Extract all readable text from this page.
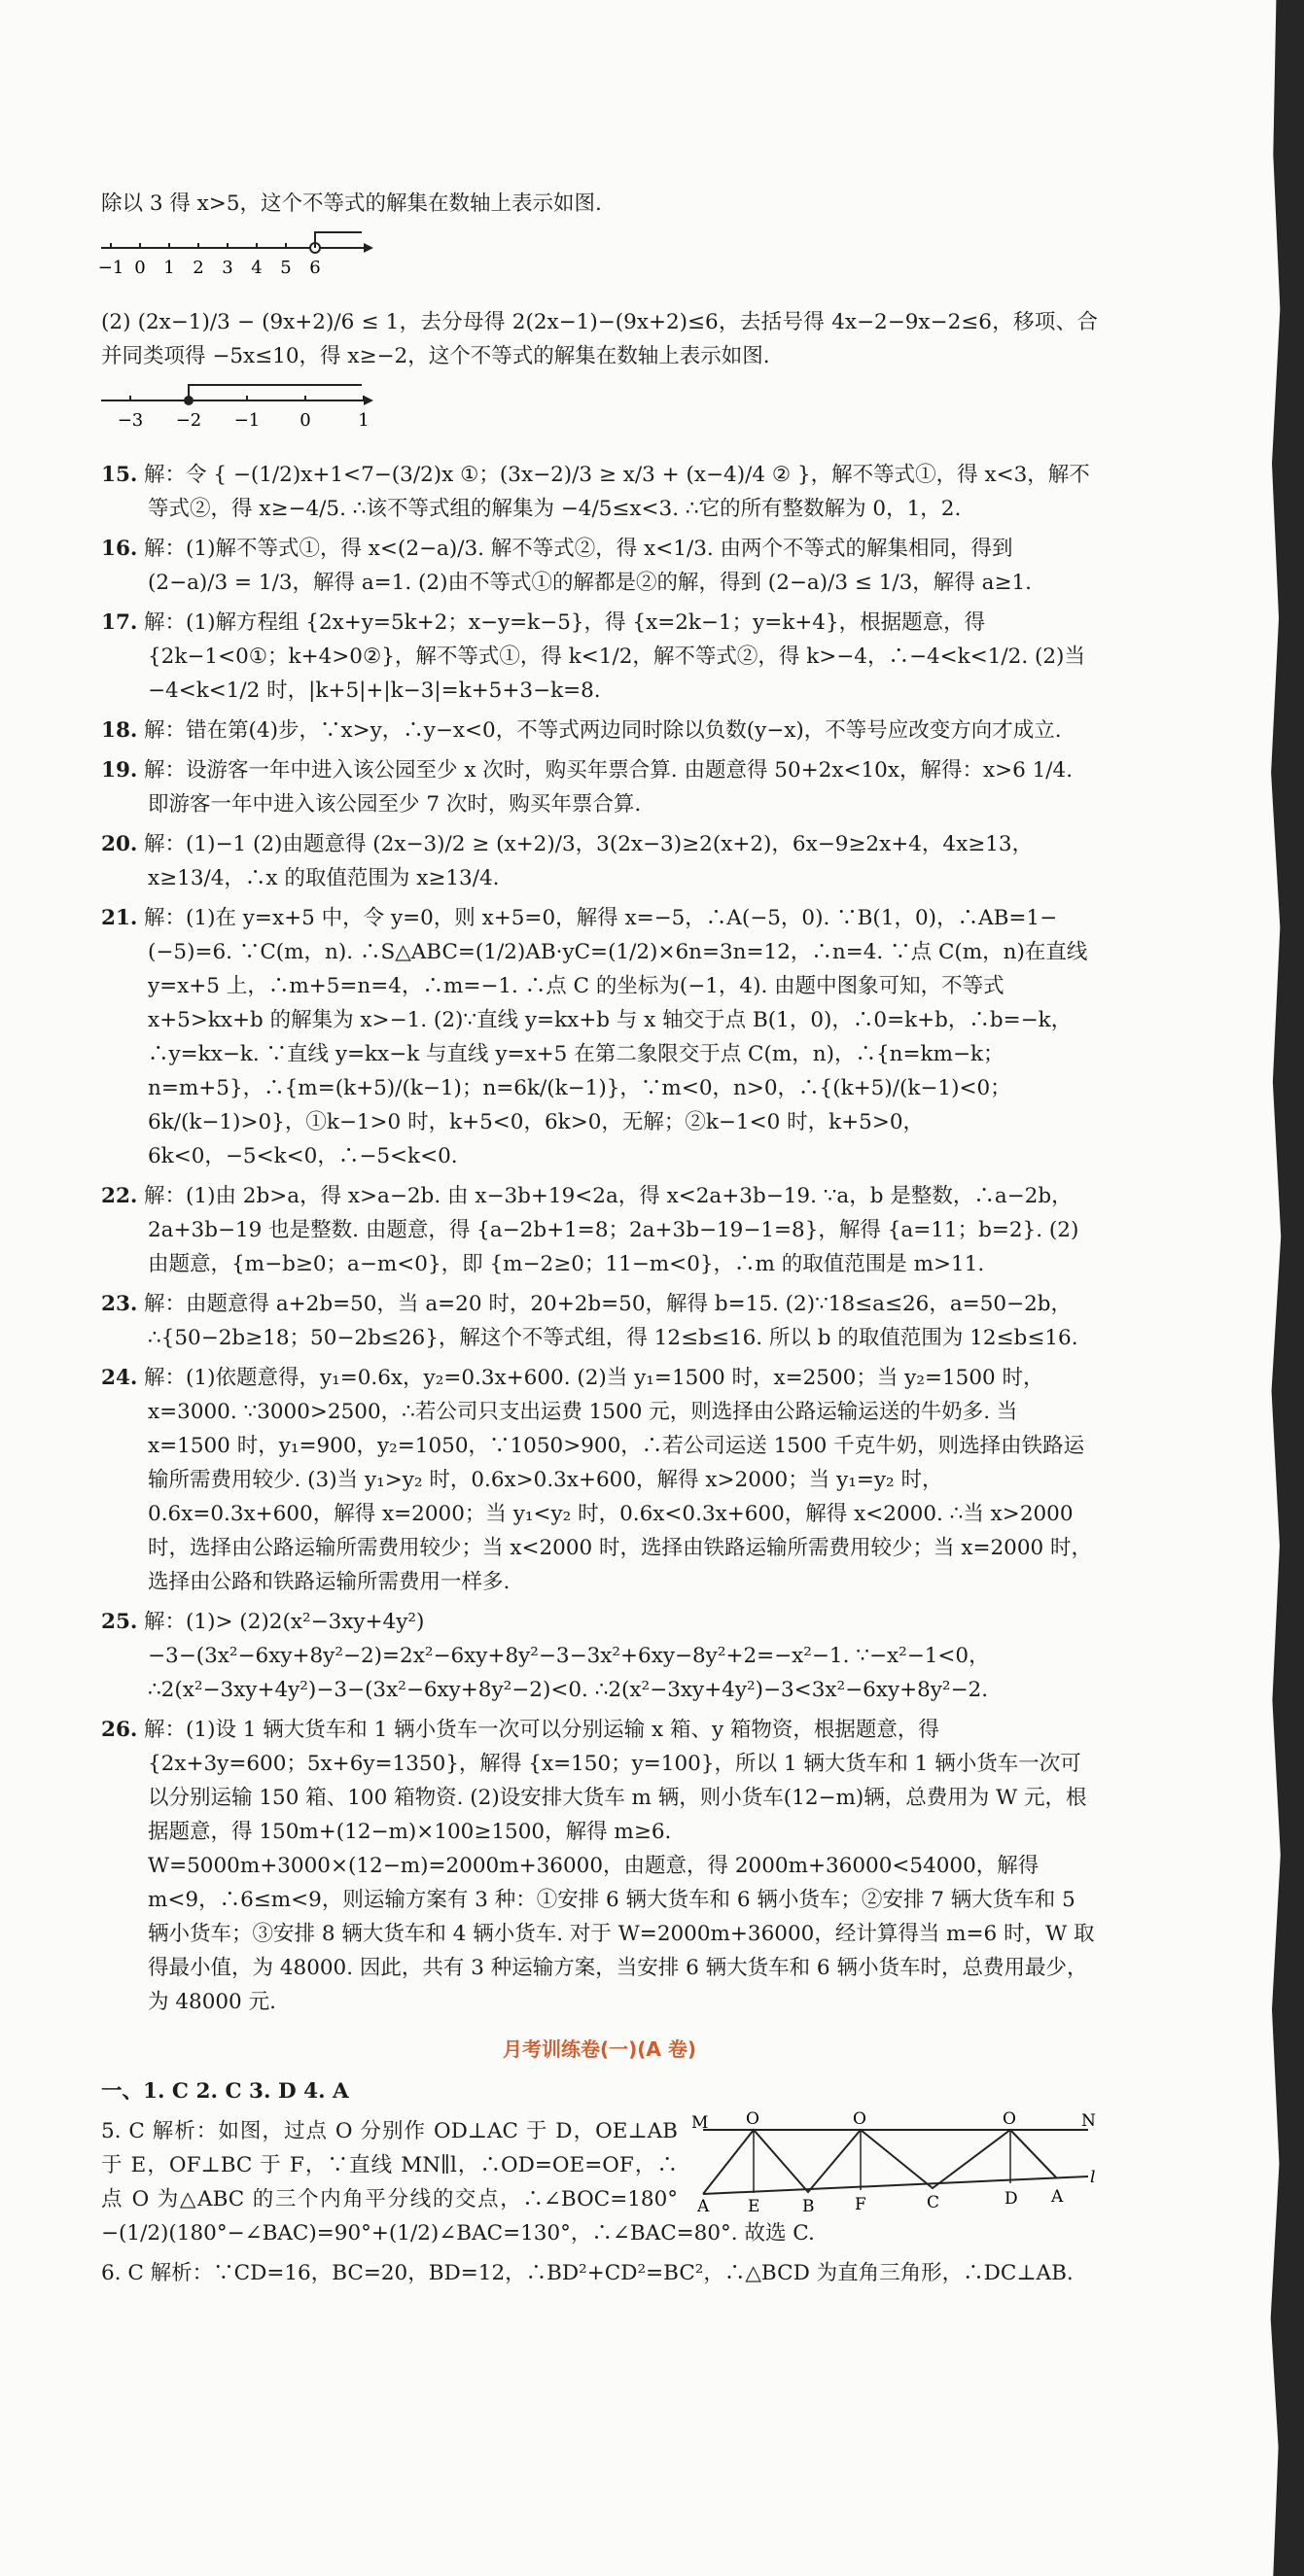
除以 3 得 x>5，这个不等式的解集在数轴上表示如图.

−1 0 1 2 3 4 5 6

(2) (2x−1)/3 − (9x+2)/6 ≤ 1，去分母得 2(2x−1)−(9x+2)≤6，去括号得 4x−2−9x−2≤6，移项、合并同类项得 −5x≤10，得 x≥−2，这个不等式的解集在数轴上表示如图.

−3 −2 −1 0	1
15. 解：令 { −(1/2)x+1<7−(3/2)x ①；(3x−2)/3 ≥ x/3 + (x−4)/4 ② }，解不等式①，得 x<3，解不等式②，得 x≥−4/5. ∴该不等式组的解集为 −4/5≤x<3. ∴它的所有整数解为 0，1，2.
16. 解：(1)解不等式①，得 x<(2−a)/3. 解不等式②，得 x<1/3. 由两个不等式的解集相同，得到 (2−a)/3 = 1/3，解得 a=1. (2)由不等式①的解都是②的解，得到 (2−a)/3 ≤ 1/3，解得 a≥1.
17. 解：(1)解方程组 {2x+y=5k+2；x−y=k−5}，得 {x=2k−1；y=k+4}，根据题意，得 {2k−1<0①；k+4>0②}，解不等式①，得 k<1/2，解不等式②，得 k>−4，∴−4<k<1/2. (2)当 −4<k<1/2 时，|k+5|+|k−3|=k+5+3−k=8.
18. 解：错在第(4)步，∵x>y，∴y−x<0，不等式两边同时除以负数(y−x)，不等号应改变方向才成立.
19. 解：设游客一年中进入该公园至少 x 次时，购买年票合算. 由题意得 50+2x<10x，解得：x>6 1/4. 即游客一年中进入该公园至少 7 次时，购买年票合算.
20. 解：(1)−1 (2)由题意得 (2x−3)/2 ≥ (x+2)/3，3(2x−3)≥2(x+2)，6x−9≥2x+4，4x≥13，x≥13/4，∴x 的取值范围为 x≥13/4.
21. 解：(1)在 y=x+5 中，令 y=0，则 x+5=0，解得 x=−5，∴A(−5，0). ∵B(1，0)，∴AB=1−(−5)=6. ∵C(m，n). ∴S△ABC=(1/2)AB·yC=(1/2)×6n=3n=12，∴n=4. ∵点 C(m，n)在直线 y=x+5 上，∴m+5=n=4，∴m=−1. ∴点 C 的坐标为(−1，4). 由题中图象可知，不等式 x+5>kx+b 的解集为 x>−1. (2)∵直线 y=kx+b 与 x 轴交于点 B(1，0)，∴0=k+b，∴b=−k，∴y=kx−k. ∵直线 y=kx−k 与直线 y=x+5 在第二象限交于点 C(m，n)，∴{n=km−k；n=m+5}，∴{m=(k+5)/(k−1)；n=6k/(k−1)}，∵m<0，n>0，∴{(k+5)/(k−1)<0；6k/(k−1)>0}，①k−1>0 时，k+5<0，6k>0，无解；②k−1<0 时，k+5>0，6k<0，−5<k<0，∴−5<k<0.
22. 解：(1)由 2b>a，得 x>a−2b. 由 x−3b+19<2a，得 x<2a+3b−19. ∵a，b 是整数，∴a−2b，2a+3b−19 也是整数. 由题意，得 {a−2b+1=8；2a+3b−19−1=8}，解得 {a=11；b=2}. (2)由题意，{m−b≥0；a−m<0}，即 {m−2≥0；11−m<0}，∴m 的取值范围是 m>11.
23. 解：由题意得 a+2b=50，当 a=20 时，20+2b=50，解得 b=15. (2)∵18≤a≤26，a=50−2b，∴{50−2b≥18；50−2b≤26}，解这个不等式组，得 12≤b≤16. 所以 b 的取值范围为 12≤b≤16.
24. 解：(1)依题意得，y₁=0.6x，y₂=0.3x+600. (2)当 y₁=1500 时，x=2500；当 y₂=1500 时，x=3000. ∵3000>2500，∴若公司只支出运费 1500 元，则选择由公路运输运送的牛奶多. 当 x=1500 时，y₁=900，y₂=1050，∵1050>900，∴若公司运送 1500 千克牛奶，则选择由铁路运输所需费用较少. (3)当 y₁>y₂ 时，0.6x>0.3x+600，解得 x>2000；当 y₁=y₂ 时，0.6x=0.3x+600，解得 x=2000；当 y₁<y₂ 时，0.6x<0.3x+600，解得 x<2000. ∴当 x>2000 时，选择由公路运输所需费用较少；当 x<2000 时，选择由铁路运输所需费用较少；当 x=2000 时，选择由公路和铁路运输所需费用一样多.
25. 解：(1)> (2)2(x²−3xy+4y²)−3−(3x²−6xy+8y²−2)=2x²−6xy+8y²−3−3x²+6xy−8y²+2=−x²−1. ∵−x²−1<0，∴2(x²−3xy+4y²)−3−(3x²−6xy+8y²−2)<0. ∴2(x²−3xy+4y²)−3<3x²−6xy+8y²−2.
26. 解：(1)设 1 辆大货车和 1 辆小货车一次可以分别运输 x 箱、y 箱物资，根据题意，得 {2x+3y=600；5x+6y=1350}，解得 {x=150；y=100}，所以 1 辆大货车和 1 辆小货车一次可以分别运输 150 箱、100 箱物资. (2)设安排大货车 m 辆，则小货车(12−m)辆，总费用为 W 元，根据题意，得 150m+(12−m)×100≥1500，解得 m≥6. W=5000m+3000×(12−m)=2000m+36000，由题意，得 2000m+36000<54000，解得 m<9，∴6≤m<9，则运输方案有 3 种：①安排 6 辆大货车和 6 辆小货车；②安排 7 辆大货车和 5 辆小货车；③安排 8 辆大货车和 4 辆小货车. 对于 W=2000m+36000，经计算得当 m=6 时，W 取得最小值，为 48000. 因此，共有 3 种运输方案，当安排 6 辆大货车和 6 辆小货车时，总费用最少，为 48000 元.
月考训练卷(一)(A 卷)

一、1. C 2. C 3. D 4. A

M	N
O	O	O
l
A E	B F	C	D A

5. C 解析：如图，过点 O 分别作 OD⊥AC 于 D，OE⊥AB 于 E，OF⊥BC 于 F，∵直线 MN∥l，∴OD=OE=OF，∴点 O 为△ABC 的三个内角平分线的交点，∴∠BOC=180°−(1/2)(180°−∠BAC)=90°+(1/2)∠BAC=130°，∴∠BAC=80°. 故选 C.

6. C 解析：∵CD=16，BC=20，BD=12，∴BD²+CD²=BC²，∴△BCD 为直角三角形，∴DC⊥AB.
